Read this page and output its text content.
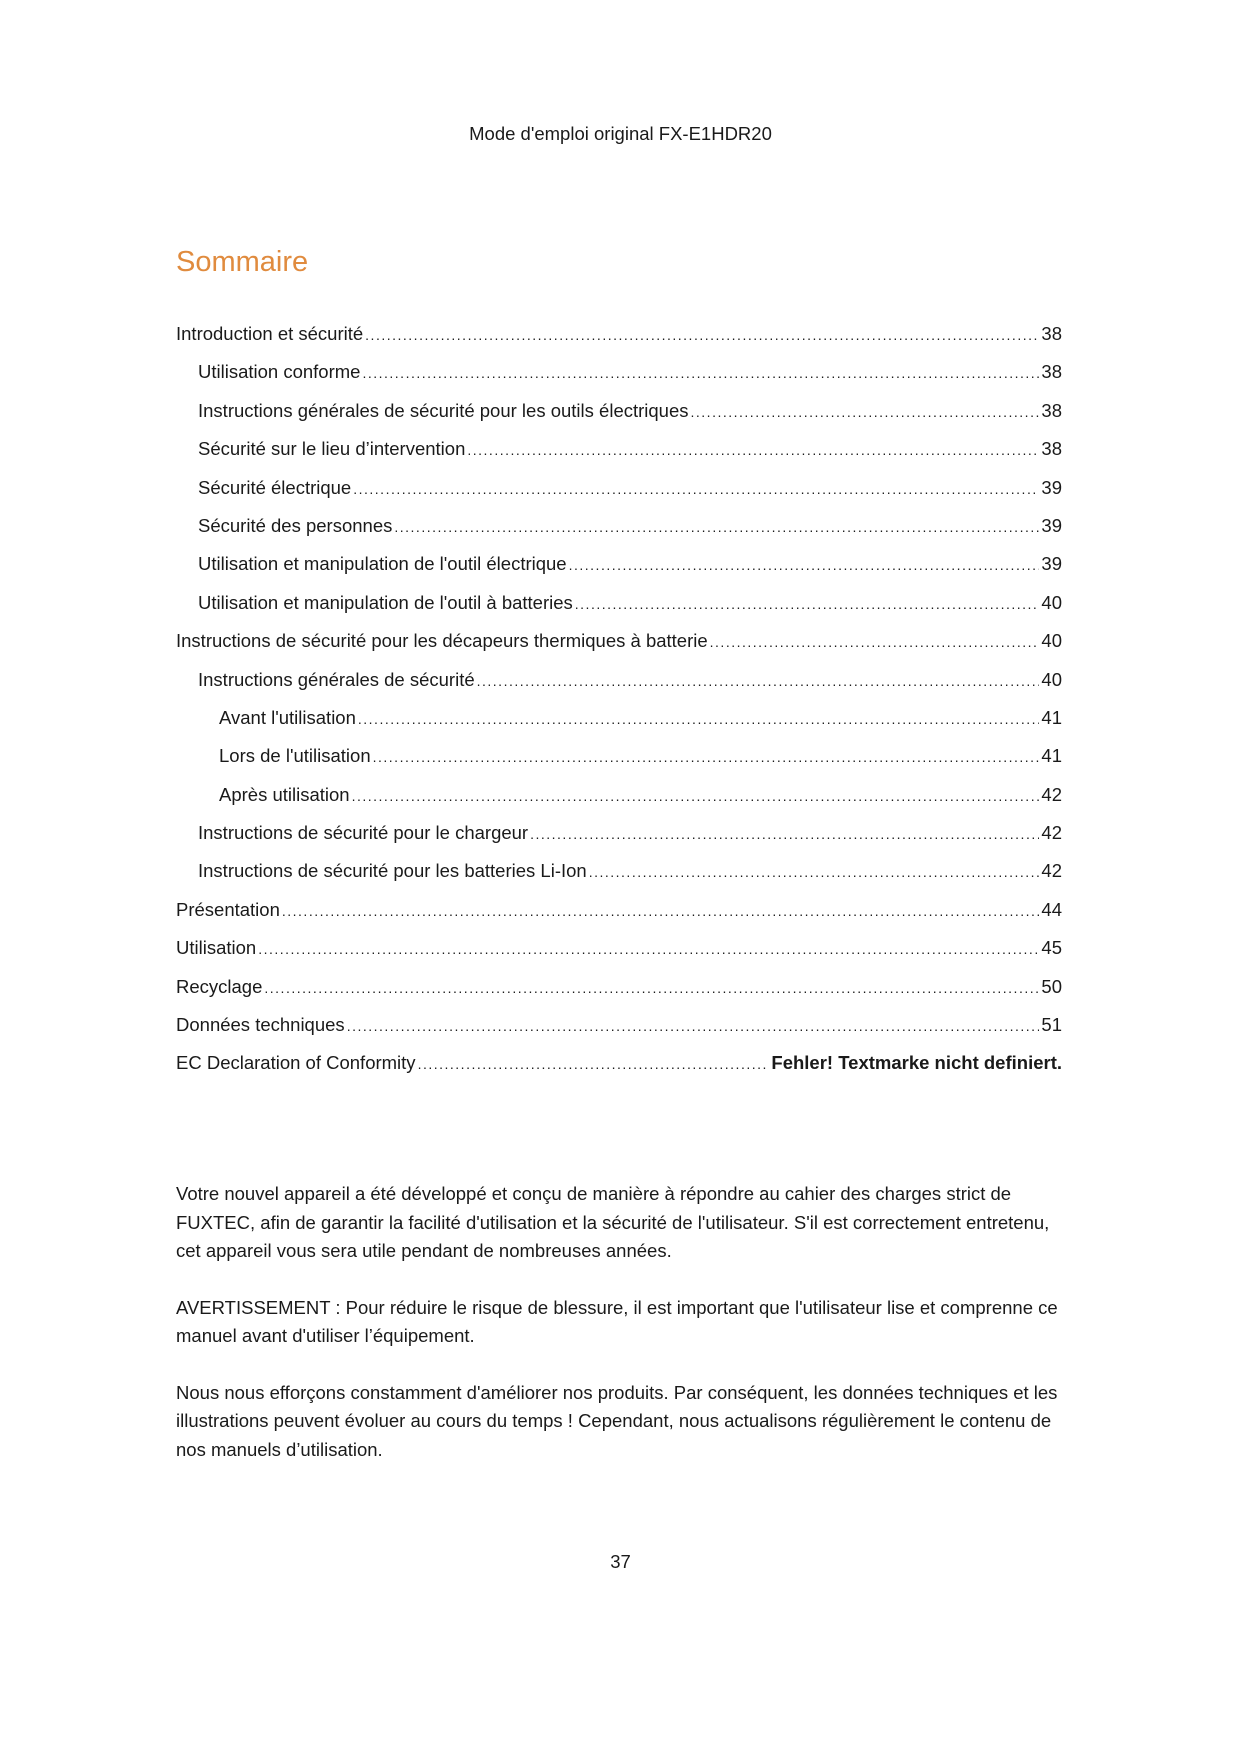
Mode d'emploi original FX-E1HDR20
Sommaire
Introduction et sécurité .....	38
Utilisation conforme .....	38
Instructions générales de sécurité pour les outils électriques .....	38
Sécurité sur le lieu d’intervention .....	38
Sécurité électrique .....	39
Sécurité des personnes .....	39
Utilisation et manipulation de l'outil électrique .....	39
Utilisation et manipulation de l'outil à batteries .....	40
Instructions de sécurité pour les décapeurs thermiques à batterie .....	40
Instructions générales de sécurité .....	40
Avant l'utilisation .....	41
Lors de l'utilisation .....	41
Après utilisation .....	42
Instructions de sécurité pour le chargeur .....	42
Instructions de sécurité pour les batteries Li-Ion .....	42
Présentation .....	44
Utilisation .....	45
Recyclage .....	50
Données techniques .....	51
EC Declaration of Conformity .....	Fehler! Textmarke nicht definiert.

Votre nouvel appareil a été développé et conçu de manière à répondre au cahier des charges strict de FUXTEC, afin de garantir la facilité d'utilisation et la sécurité de l'utilisateur. S'il est correctement entretenu, cet appareil vous sera utile pendant de nombreuses années.

AVERTISSEMENT : Pour réduire le risque de blessure, il est important que l'utilisateur lise et comprenne ce manuel avant d'utiliser l’équipement.

Nous nous efforçons constamment d'améliorer nos produits. Par conséquent, les données techniques et les illustrations peuvent évoluer au cours du temps ! Cependant, nous actualisons régulièrement le contenu de nos manuels d’utilisation.

37
